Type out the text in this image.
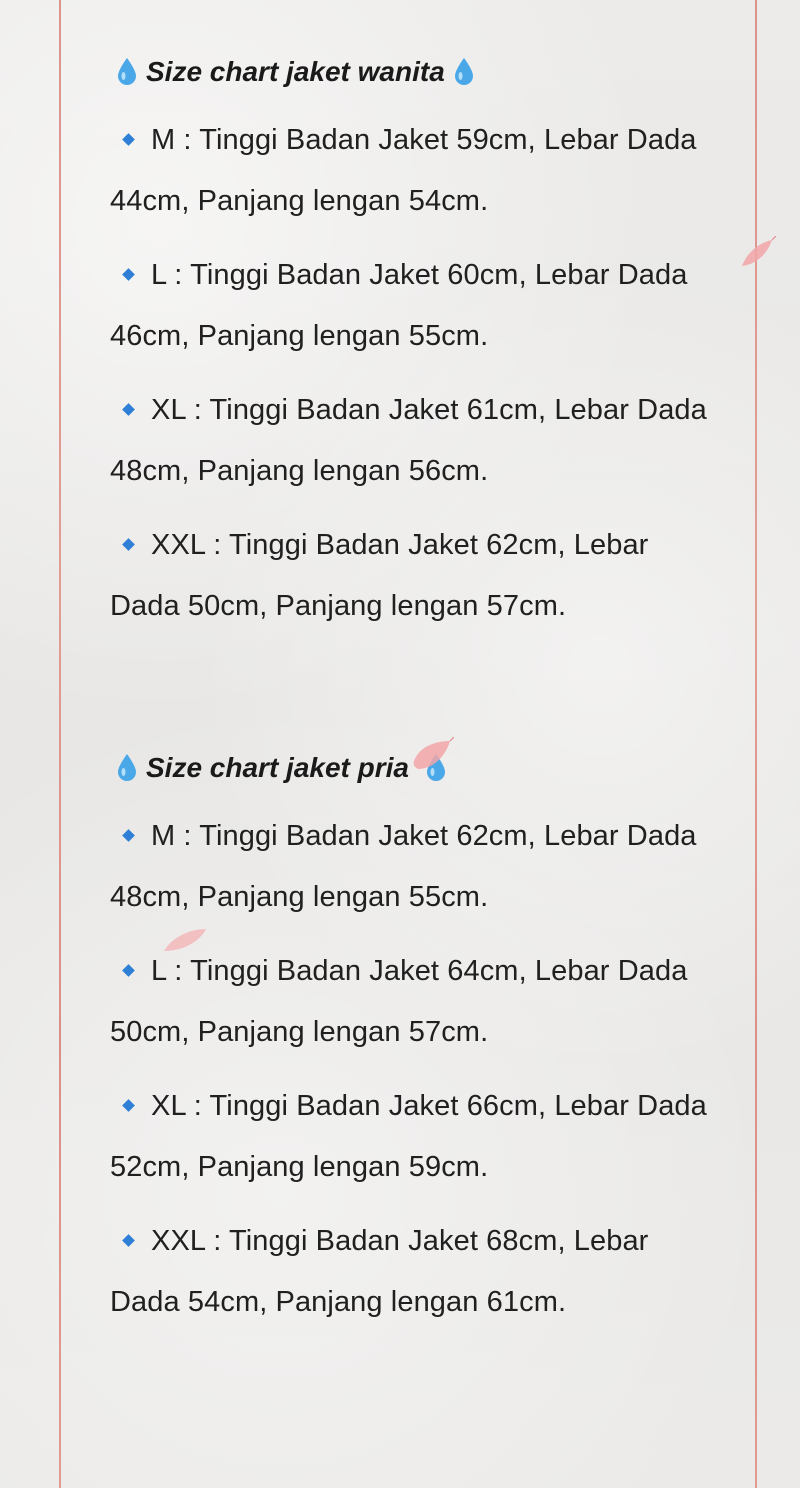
Size chart jaket wanita
M : Tinggi Badan Jaket 59cm, Lebar Dada 44cm, Panjang lengan 54cm.
L : Tinggi Badan Jaket 60cm, Lebar Dada 46cm, Panjang lengan 55cm.
XL : Tinggi Badan Jaket 61cm, Lebar Dada 48cm, Panjang lengan 56cm.
XXL : Tinggi Badan Jaket 62cm, Lebar Dada 50cm, Panjang lengan 57cm.
Size chart jaket pria
M : Tinggi Badan Jaket 62cm, Lebar Dada 48cm, Panjang lengan 55cm.
L : Tinggi Badan Jaket 64cm, Lebar Dada 50cm, Panjang lengan 57cm.
XL : Tinggi Badan Jaket 66cm, Lebar Dada 52cm, Panjang lengan 59cm.
XXL : Tinggi Badan Jaket 68cm, Lebar Dada 54cm, Panjang lengan 61cm.
